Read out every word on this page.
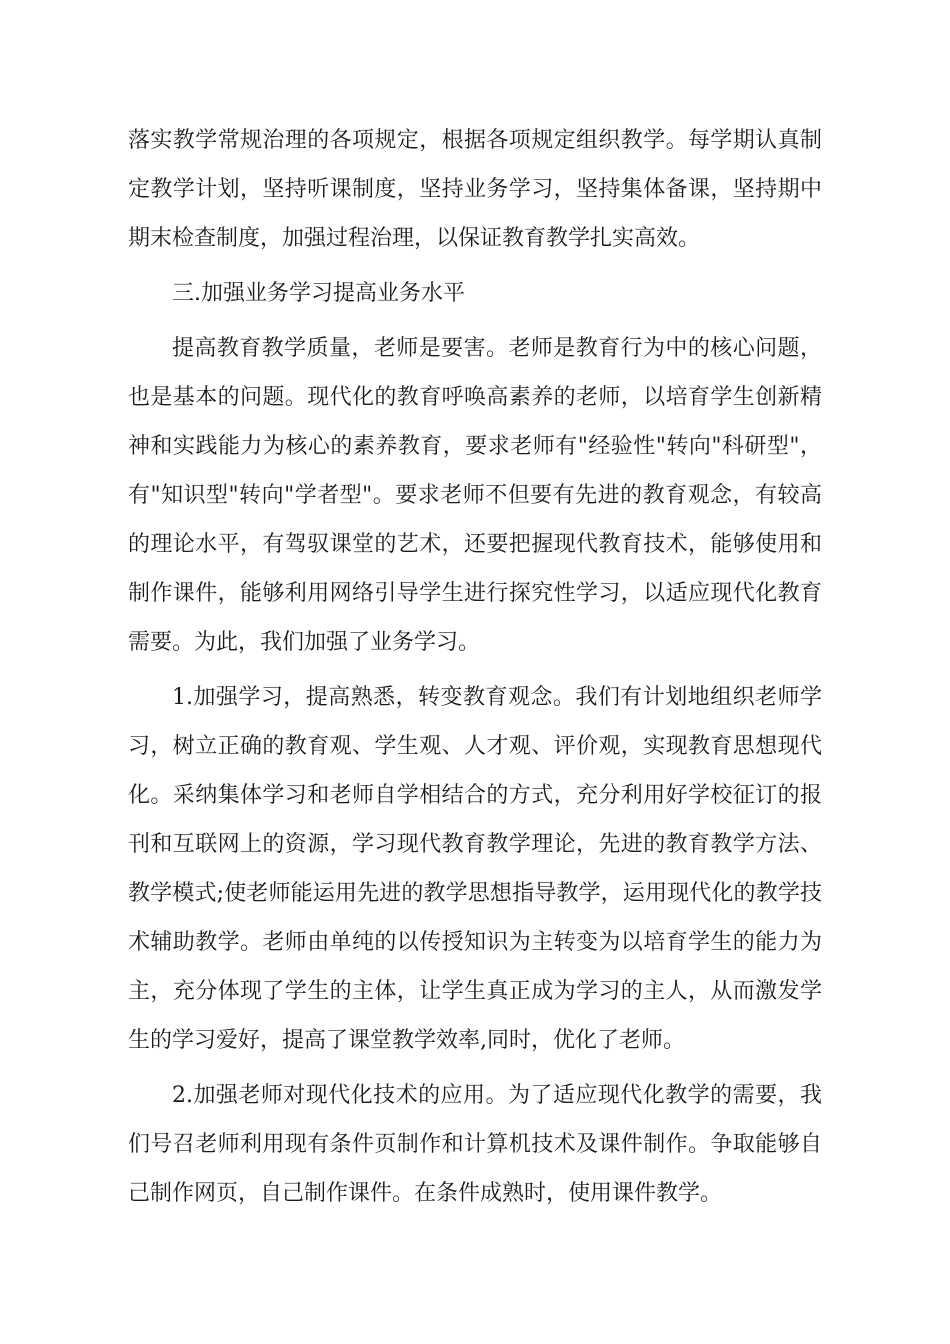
落实教学常规治理的各项规定，根据各项规定组织教学。每学期认真制定教学计划，坚持听课制度，坚持业务学习，坚持集体备课，坚持期中期末检查制度，加强过程治理，以保证教育教学扎实高效。

三.加强业务学习提高业务水平

提高教育教学质量，老师是要害。老师是教育行为中的核心问题，也是基本的问题。现代化的教育呼唤高素养的老师，以培育学生创新精神和实践能力为核心的素养教育，要求老师有"经验性"转向"科研型"，有"知识型"转向"学者型"。要求老师不但要有先进的教育观念，有较高的理论水平，有驾驭课堂的艺术，还要把握现代教育技术，能够使用和制作课件，能够利用网络引导学生进行探究性学习，以适应现代化教育需要。为此，我们加强了业务学习。

1.加强学习，提高熟悉，转变教育观念。我们有计划地组织老师学习，树立正确的教育观、学生观、人才观、评价观，实现教育思想现代化。采纳集体学习和老师自学相结合的方式，充分利用好学校征订的报刊和互联网上的资源，学习现代教育教学理论，先进的教育教学方法、教学模式;使老师能运用先进的教学思想指导教学，运用现代化的教学技术辅助教学。老师由单纯的以传授知识为主转变为以培育学生的能力为主，充分体现了学生的主体，让学生真正成为学习的主人，从而激发学生的学习爱好，提高了课堂教学效率,同时，优化了老师。

2.加强老师对现代化技术的应用。为了适应现代化教学的需要，我们号召老师利用现有条件页制作和计算机技术及课件制作。争取能够自己制作网页，自己制作课件。在条件成熟时，使用课件教学。
